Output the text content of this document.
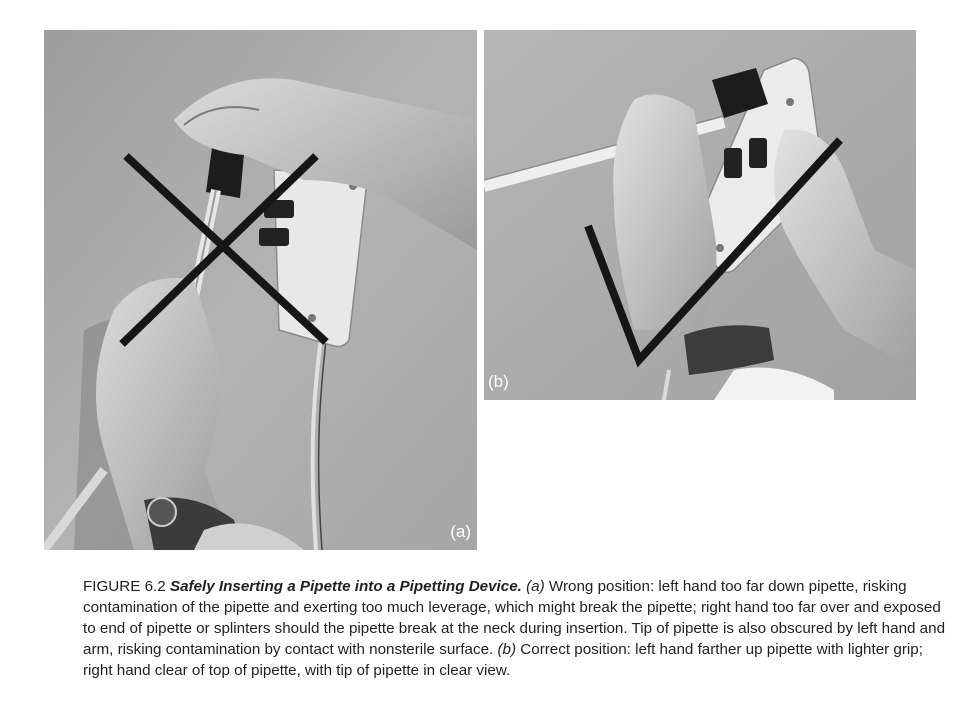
(a)
(b)
FIGURE 6.2 Safely Inserting a Pipette into a Pipetting Device. (a) Wrong position: left hand too far down pipette, risking contamination of the pipette and exerting too much leverage, which might break the pipette; right hand too far over and exposed to end of pipette or splinters should the pipette break at the neck during insertion. Tip of pipette is also obscured by left hand and arm, risking contamination by contact with nonsterile surface. (b) Correct position: left hand farther up pipette with lighter grip; right hand clear of top of pipette, with tip of pipette in clear view.
